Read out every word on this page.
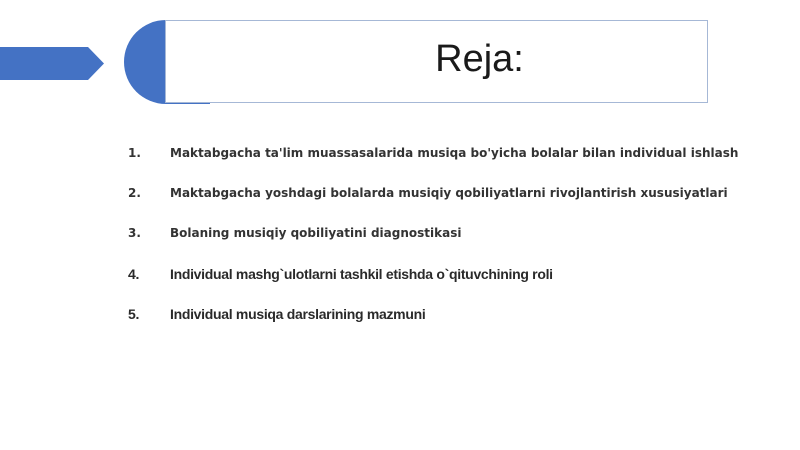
Reja:
1.	Maktabgacha ta'lim muassasalarida musiqa bo'yicha bolalar bilan individual ishlash
2.	Maktabgacha yoshdagi bolalarda musiqiy qobiliyatlarni rivojlantirish xususiyatlari
3.	Bolaning musiqiy qobiliyatini diagnostikasi
4.	Individual mashg`ulotlarni tashkil etishda o`qituvchining roli
5.	Individual musiqa darslarining mazmuni
